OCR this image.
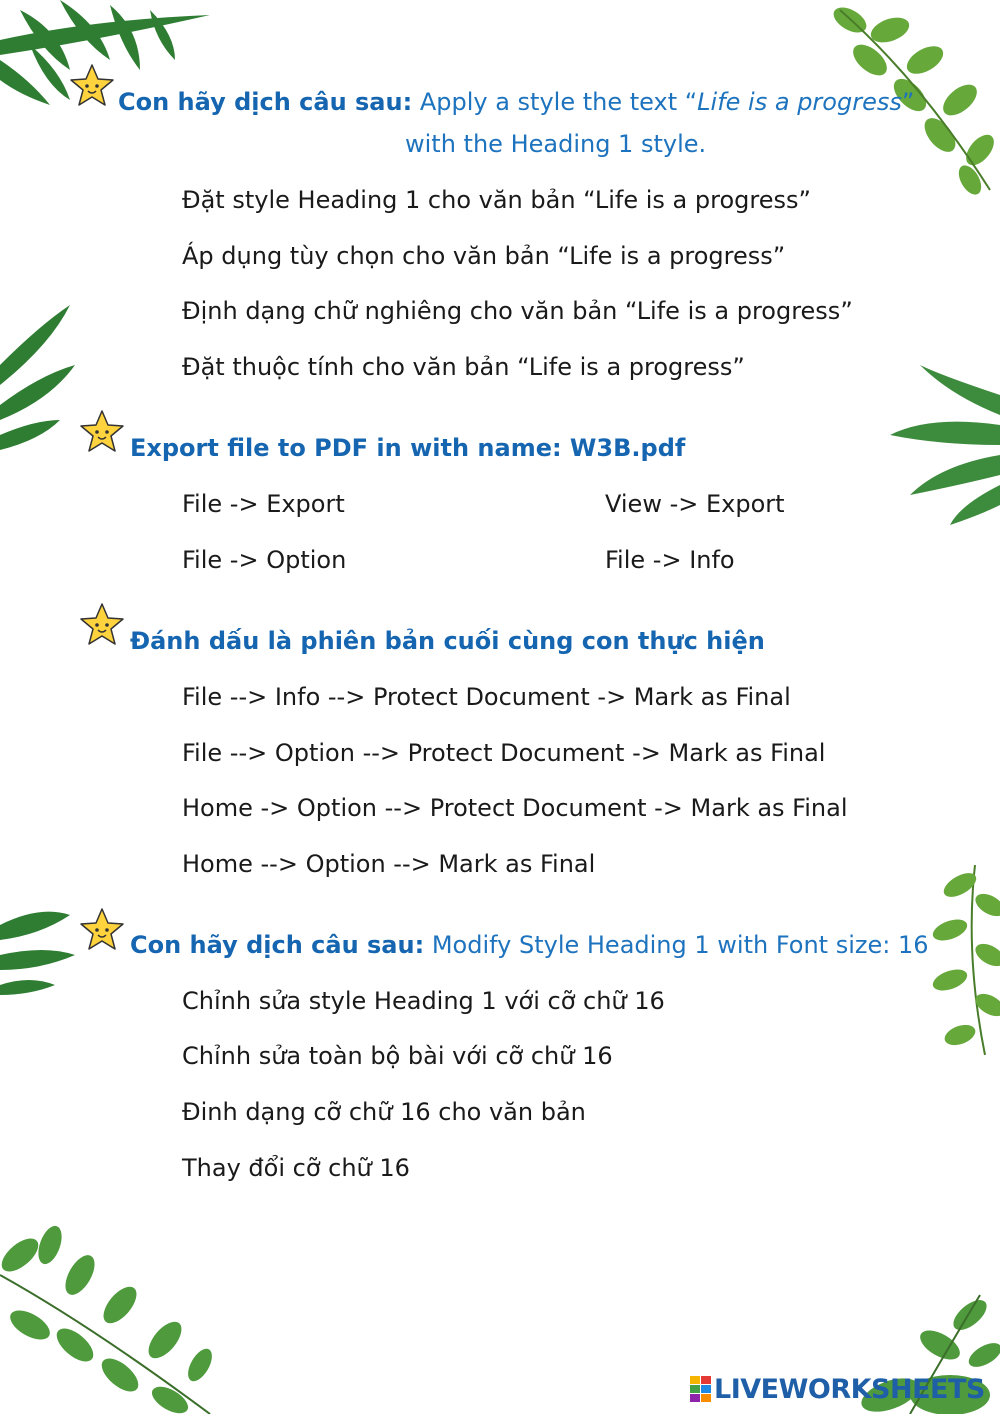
Con hãy dịch câu sau: Apply a style the text “Life is a progress”
with the Heading 1 style.
Đặt style Heading 1 cho văn bản “Life is a progress”
Áp dụng tùy chọn cho văn bản “Life is a progress”
Định dạng chữ nghiêng cho văn bản “Life is a progress”
Đặt thuộc tính cho văn bản “Life is a progress”
Export file to PDF in with name: W3B.pdf
File -> Export	View -> Export
File -> Option	File -> Info
Đánh dấu là phiên bản cuối cùng con thực hiện
File --> Info --> Protect Document -> Mark as Final
File --> Option --> Protect Document -> Mark as Final
Home -> Option --> Protect Document -> Mark as Final
Home --> Option --> Mark as Final
Con hãy dịch câu sau: Modify Style Heading 1 with Font size: 16
Chỉnh sửa style Heading 1 với cỡ chữ 16
Chỉnh sửa toàn bộ bài với cỡ chữ 16
Đinh dạng cỡ chữ 16 cho văn bản
Thay đổi cỡ chữ 16
LIVEWORKSHEETS
